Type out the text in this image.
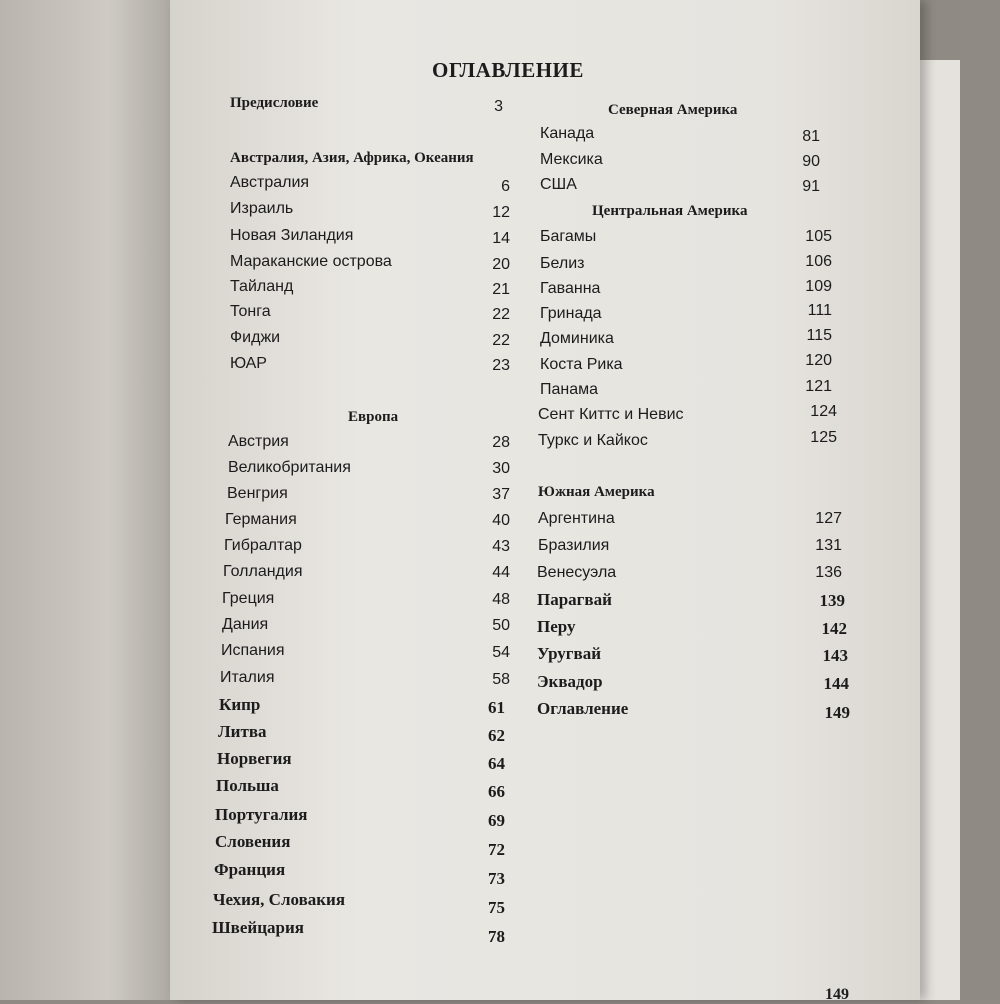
ОГЛАВЛЕНИЕ
Предисловие	3
Австралия, Азия, Африка, Океания
Австралия	6
Израиль	12
Новая Зиландия	14
Мараканские острова	20
Тайланд	21
Тонга	22
Фиджи	22
ЮАР	23
Европа
Австрия	28
Великобритания	30
Венгрия	37
Германия	40
Гибралтар	43
Голландия	44
Греция	48
Дания	50
Испания	54
Италия	58
Кипр	61
Литва	62
Норвегия	64
Польша	66
Португалия	69
Словения	72
Франция	73
Чехия, Словакия	75
Швейцария	78
Северная Америка
Канада	81
Мексика	90
США	91
Центральная Америка
Багамы	105
Белиз	106
Гаванна	109
Гринада	111
Доминика	115
Коста Рика	120
Панама	121
Сент Киттс и Невис	124
Туркс и Кайкос	125
Южная Америка
Аргентина	127
Бразилия	131
Венесуэла	136
Парагвай	139
Перу	142
Уругвай	143
Эквадор	144
Оглавление	149
149
